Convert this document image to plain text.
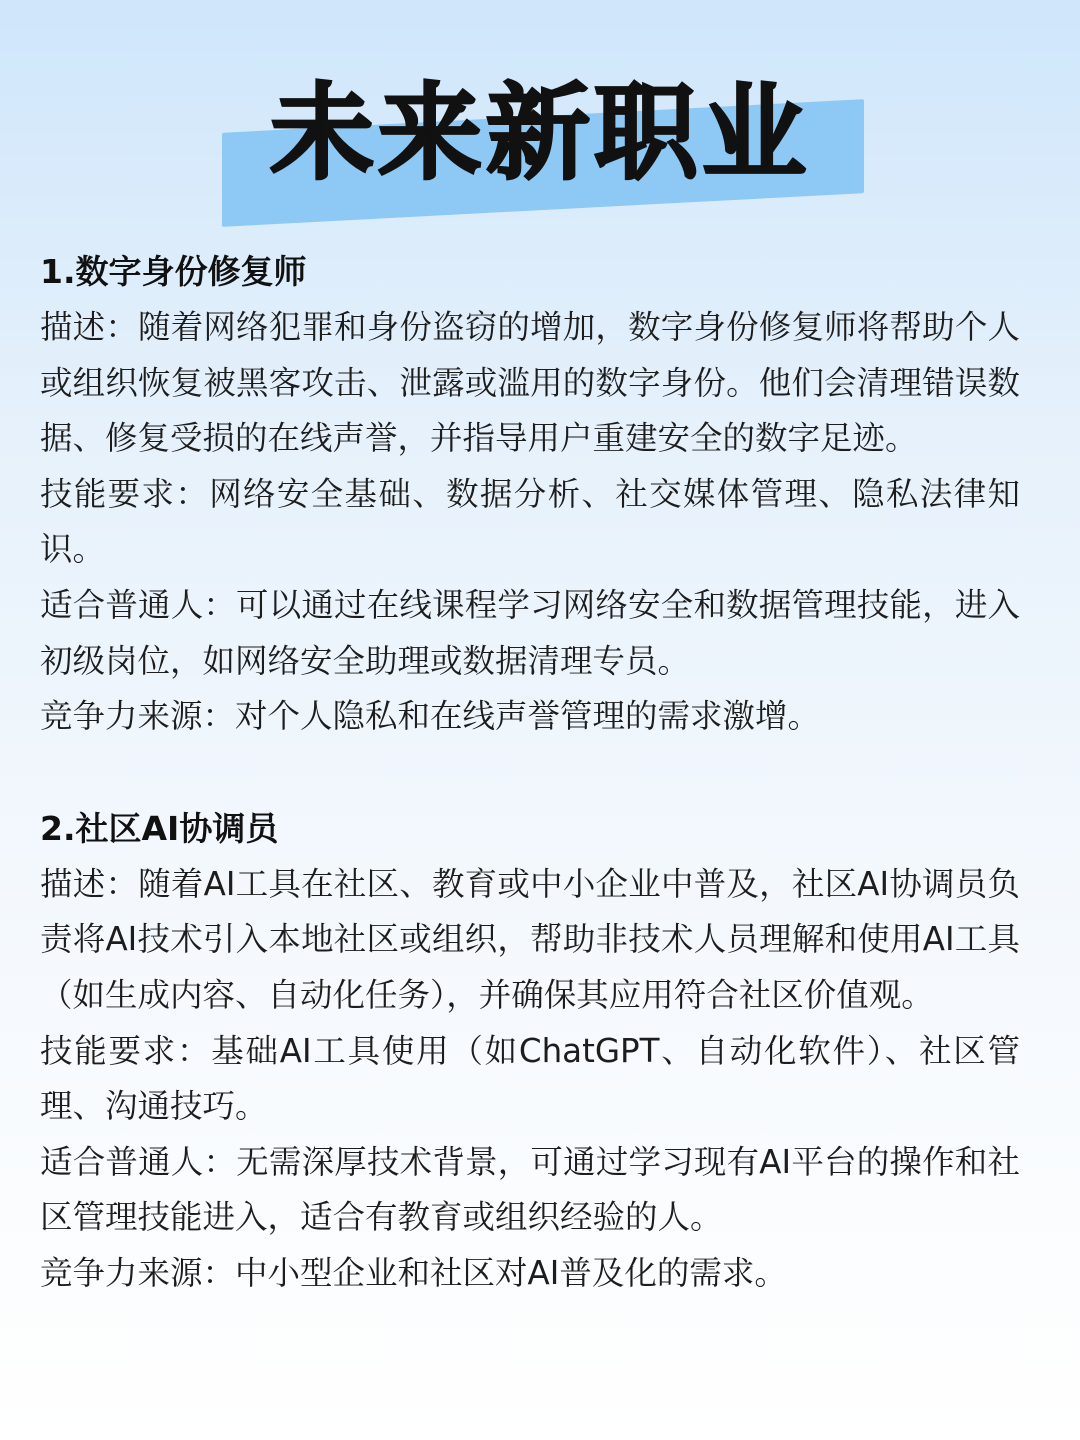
未来新职业
1.数字身份修复师

描述：随着网络犯罪和身份盗窃的增加，数字身份修复师将帮助个人或组织恢复被黑客攻击、泄露或滥用的数字身份。他们会清理错误数据、修复受损的在线声誉，并指导用户重建安全的数字足迹。

技能要求：网络安全基础、数据分析、社交媒体管理、隐私法律知识。

适合普通人：可以通过在线课程学习网络安全和数据管理技能，进入初级岗位，如网络安全助理或数据清理专员。

竞争力来源：对个人隐私和在线声誉管理的需求激增。

2.社区AI协调员

描述：随着AI工具在社区、教育或中小企业中普及，社区AI协调员负责将AI技术引入本地社区或组织，帮助非技术人员理解和使用AI工具（如生成内容、自动化任务），并确保其应用符合社区价值观。

技能要求：基础AI工具使用（如ChatGPT、自动化软件）、社区管理、沟通技巧。

适合普通人：无需深厚技术背景，可通过学习现有AI平台的操作和社区管理技能进入，适合有教育或组织经验的人。

竞争力来源：中小型企业和社区对AI普及化的需求。
